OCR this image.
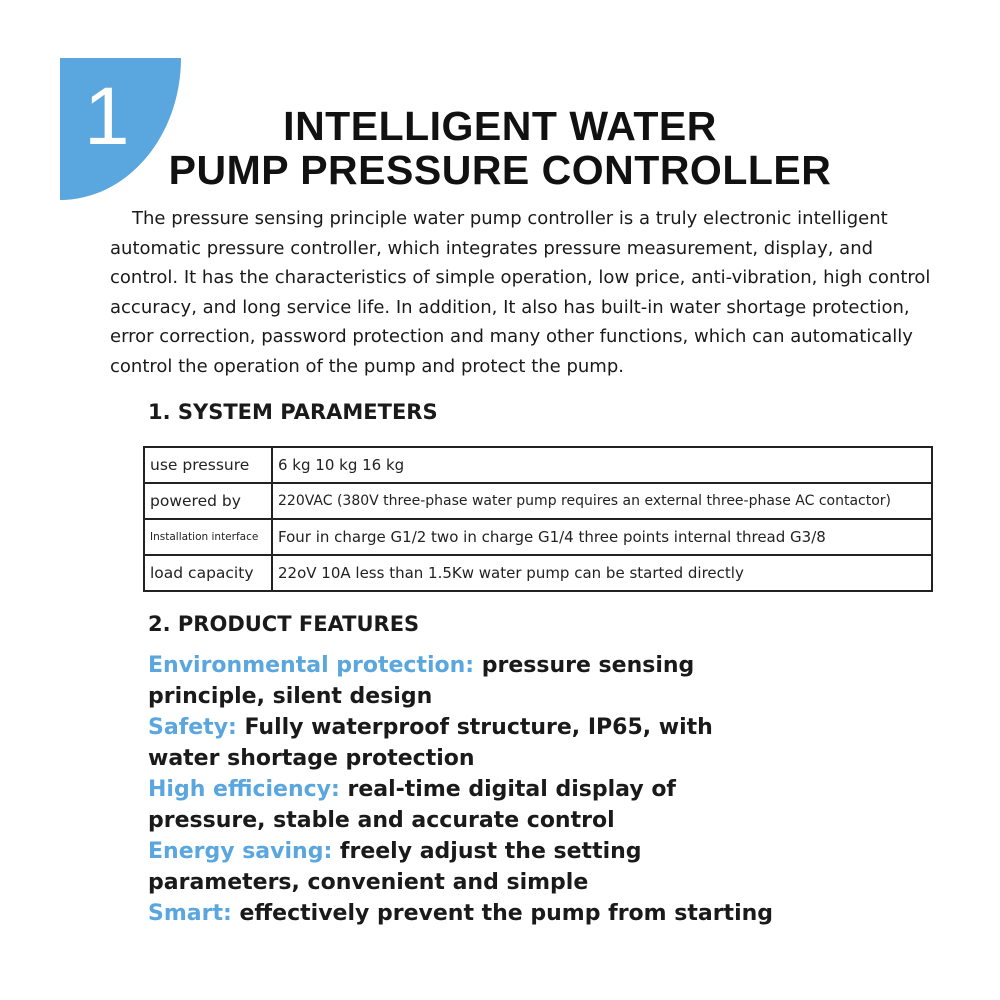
1	INTELLIGENT WATER
PUMP PRESSURE CONTROLLER

The pressure sensing principle water pump controller is a truly electronic intelligent automatic pressure controller, which integrates pressure measurement, display, and control. It has the characteristics of simple operation, low price, anti-vibration, high control accuracy, and long service life. In addition, It also has built-in water shortage protection, error correction, password protection and many other functions, which can automatically control the operation of the pump and protect the pump.

1. SYSTEM PARAMETERS
use pressure	6 kg 10 kg 16 kg
powered by	220VAC (380V three-phase water pump requires an external three-phase AC contactor)
Installation interface	Four in charge G1/2 two in charge G1/4 three points internal thread G3/8
load capacity	22oV 10A less than 1.5Kw water pump can be started directly
2. PRODUCT FEATURES
Environmental protection: pressure sensing principle, silent design
Safety: Fully waterproof structure, IP65, with water shortage protection
High efficiency: real-time digital display of pressure, stable and accurate control
Energy saving: freely adjust the setting parameters, convenient and simple
Smart: effectively prevent the pump from starting
